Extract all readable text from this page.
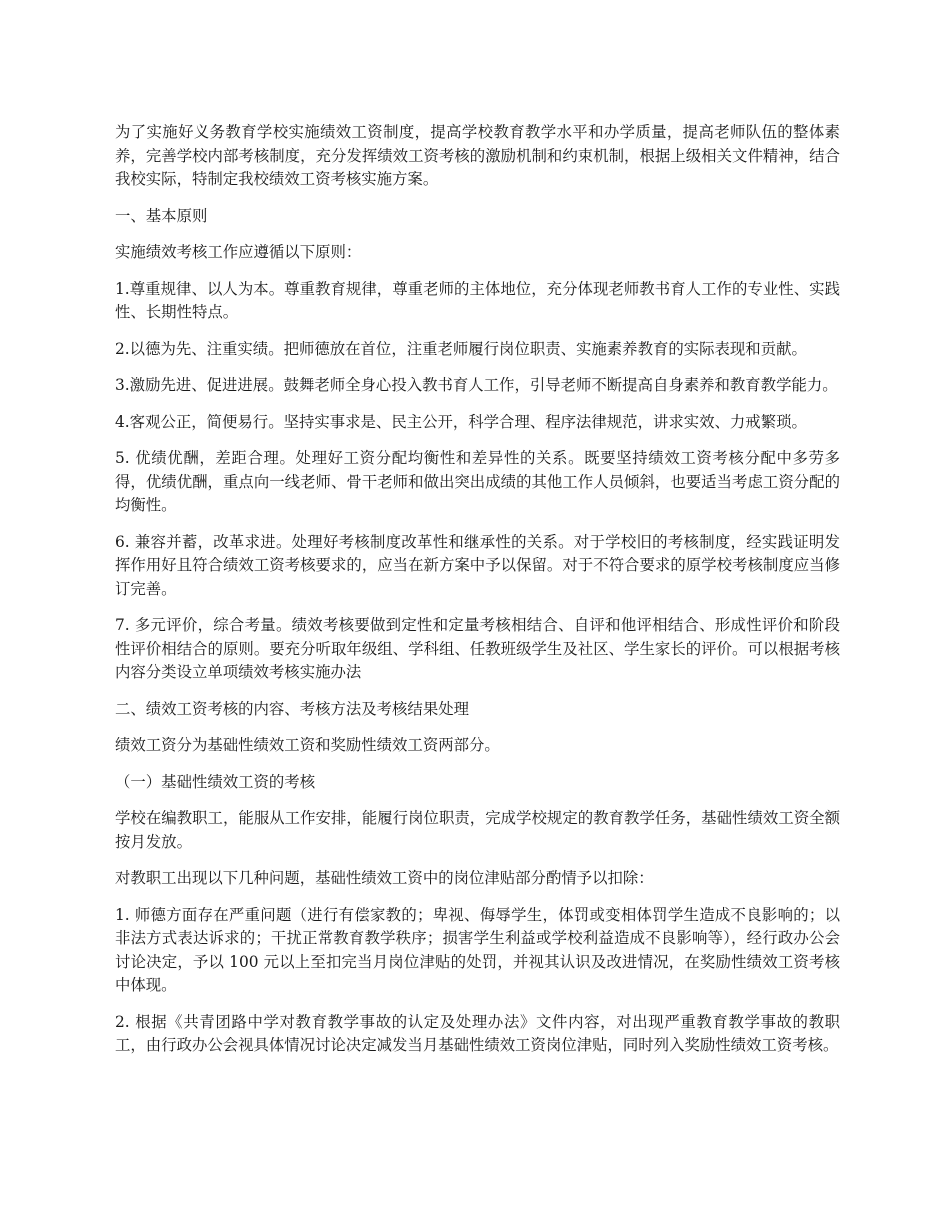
为了实施好义务教育学校实施绩效工资制度，提高学校教育教学水平和办学质量，提高老师队伍的整体素养，完善学校内部考核制度，充分发挥绩效工资考核的激励机制和约束机制，根据上级相关文件精神，结合我校实际，特制定我校绩效工资考核实施方案。

一、基本原则

实施绩效考核工作应遵循以下原则：

1.尊重规律、以人为本。尊重教育规律，尊重老师的主体地位，充分体现老师教书育人工作的专业性、实践性、长期性特点。

2.以德为先、注重实绩。把师德放在首位，注重老师履行岗位职责、实施素养教育的实际表现和贡献。

3.激励先进、促进进展。鼓舞老师全身心投入教书育人工作，引导老师不断提高自身素养和教育教学能力。

4.客观公正，简便易行。坚持实事求是、民主公开，科学合理、程序法律规范，讲求实效、力戒繁琐。

5. 优绩优酬，差距合理。处理好工资分配均衡性和差异性的关系。既要坚持绩效工资考核分配中多劳多得，优绩优酬，重点向一线老师、骨干老师和做出突出成绩的其他工作人员倾斜，也要适当考虑工资分配的均衡性。

6. 兼容并蓄，改革求进。处理好考核制度改革性和继承性的关系。对于学校旧的考核制度，经实践证明发挥作用好且符合绩效工资考核要求的，应当在新方案中予以保留。对于不符合要求的原学校考核制度应当修订完善。

7. 多元评价，综合考量。绩效考核要做到定性和定量考核相结合、自评和他评相结合、形成性评价和阶段性评价相结合的原则。要充分听取年级组、学科组、任教班级学生及社区、学生家长的评价。可以根据考核内容分类设立单项绩效考核实施办法

二、绩效工资考核的内容、考核方法及考核结果处理

绩效工资分为基础性绩效工资和奖励性绩效工资两部分。

（一）基础性绩效工资的考核

学校在编教职工，能服从工作安排，能履行岗位职责，完成学校规定的教育教学任务，基础性绩效工资全额按月发放。

对教职工出现以下几种问题，基础性绩效工资中的岗位津贴部分酌情予以扣除：

1. 师德方面存在严重问题（进行有偿家教的；卑视、侮辱学生，体罚或变相体罚学生造成不良影响的；以非法方式表达诉求的；干扰正常教育教学秩序；损害学生利益或学校利益造成不良影响等），经行政办公会讨论决定，予以 100 元以上至扣完当月岗位津贴的处罚，并视其认识及改进情况，在奖励性绩效工资考核中体现。

2. 根据《共青团路中学对教育教学事故的认定及处理办法》文件内容，对出现严重教育教学事故的教职工，由行政办公会视具体情况讨论决定减发当月基础性绩效工资岗位津贴，同时列入奖励性绩效工资考核。
